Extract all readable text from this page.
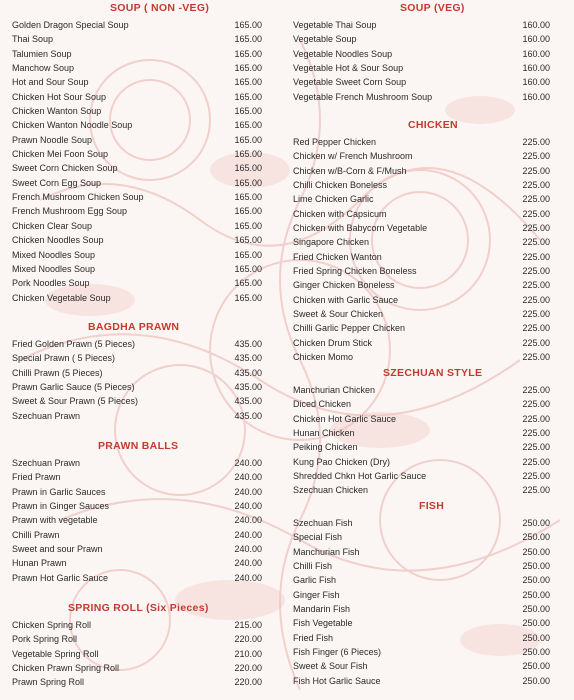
SOUP ( NON -VEG)
Golden Dragon Special Soup	165.00
Thai Soup	165.00
Talumien Soup	165.00
Manchow Soup	165.00
Hot and Sour Soup	165.00
Chicken Hot Sour Soup	165.00
Chicken Wanton Soup	165.00
Chicken Wanton Noodle Soup	165.00
Prawn Noodle Soup	165.00
Chicken Mei Foon Soup	165.00
Sweet Corn Chicken Soup	165.00
Sweet Corn Egg Soup	165.00
French Mushroom Chicken Soup	165.00
French Mushroom Egg Soup	165.00
Chicken Clear Soup	165.00
Chicken Noodles Soup	165.00
Mixed Noodles Soup	165.00
Mixed Noodles Soup	165.00
Pork Noodles Soup	165.00
Chicken Vegetable Soup	165.00
BAGDHA PRAWN
Fried Golden Prawn (5 Pieces)	435.00
Special Prawn ( 5 Pieces)	435.00
Chilli Prawn (5 Pieces)	435.00
Prawn Garlic Sauce (5 Pieces)	435.00
Sweet & Sour Prawn (5 Pieces)	435.00
Szechuan Prawn	435.00
PRAWN BALLS
Szechuan Prawn	240.00
Fried Prawn	240.00
Prawn in Garlic Sauces	240.00
Prawn in Ginger Sauces	240.00
Prawn with vegetable	240.00
Chilli Prawn	240.00
Sweet and sour Prawn	240.00
Hunan Prawn	240.00
Prawn Hot Garlic Sauce	240.00
SPRING ROLL (Six Pieces)
Chicken Spring Roll	215.00
Pork Spring Roll	220.00
Vegetable Spring Roll	210.00
Chicken Prawn Spring Roll	220.00
Prawn Spring Roll	220.00
SOUP (VEG)
Vegetable Thai Soup	160.00
Vegetable Soup	160.00
Vegetable Noodles Soup	160.00
Vegetable Hot & Sour Soup	160.00
Vegetable Sweet Corn Soup	160.00
Vegetable French Mushroom Soup	160.00
CHICKEN
Red Pepper Chicken	225.00
Chicken w/ French Mushroom	225.00
Chicken w/B-Corn & F/Mush	225.00
Chilli Chicken Boneless	225.00
Lime Chicken Garlic	225.00
Chicken with Capsicum	225.00
Chicken with Babycorn Vegetable	225.00
Singapore Chicken	225.00
Fried Chicken Wanton	225.00
Fried Spring Chicken Boneless	225.00
Ginger Chicken Boneless	225.00
Chicken with Garlic Sauce	225.00
Sweet & Sour Chicken	225.00
Chilli Garlic Pepper Chicken	225.00
Chicken Drum Stick	225.00
Chicken Momo	225.00
SZECHUAN STYLE
Manchurian Chicken	225.00
Diced Chicken	225.00
Chicken Hot Garlic Sauce	225.00
Hunan Chicken	225.00
Peiking Chicken	225.00
Kung Pao Chicken (Dry)	225.00
Shredded Chkn Hot Garlic Sauce	225.00
Szechuan Chicken	225.00
FISH
Szechuan Fish	250.00
Special Fish	250.00
Manchurian Fish	250.00
Chilli Fish	250.00
Garlic Fish	250.00
Ginger Fish	250.00
Mandarin Fish	250.00
Fish Vegetable	250.00
Fried Fish	250.00
Fish Finger (6 Pieces)	250.00
Sweet & Sour Fish	250.00
Fish Hot Garlic Sauce	250.00
